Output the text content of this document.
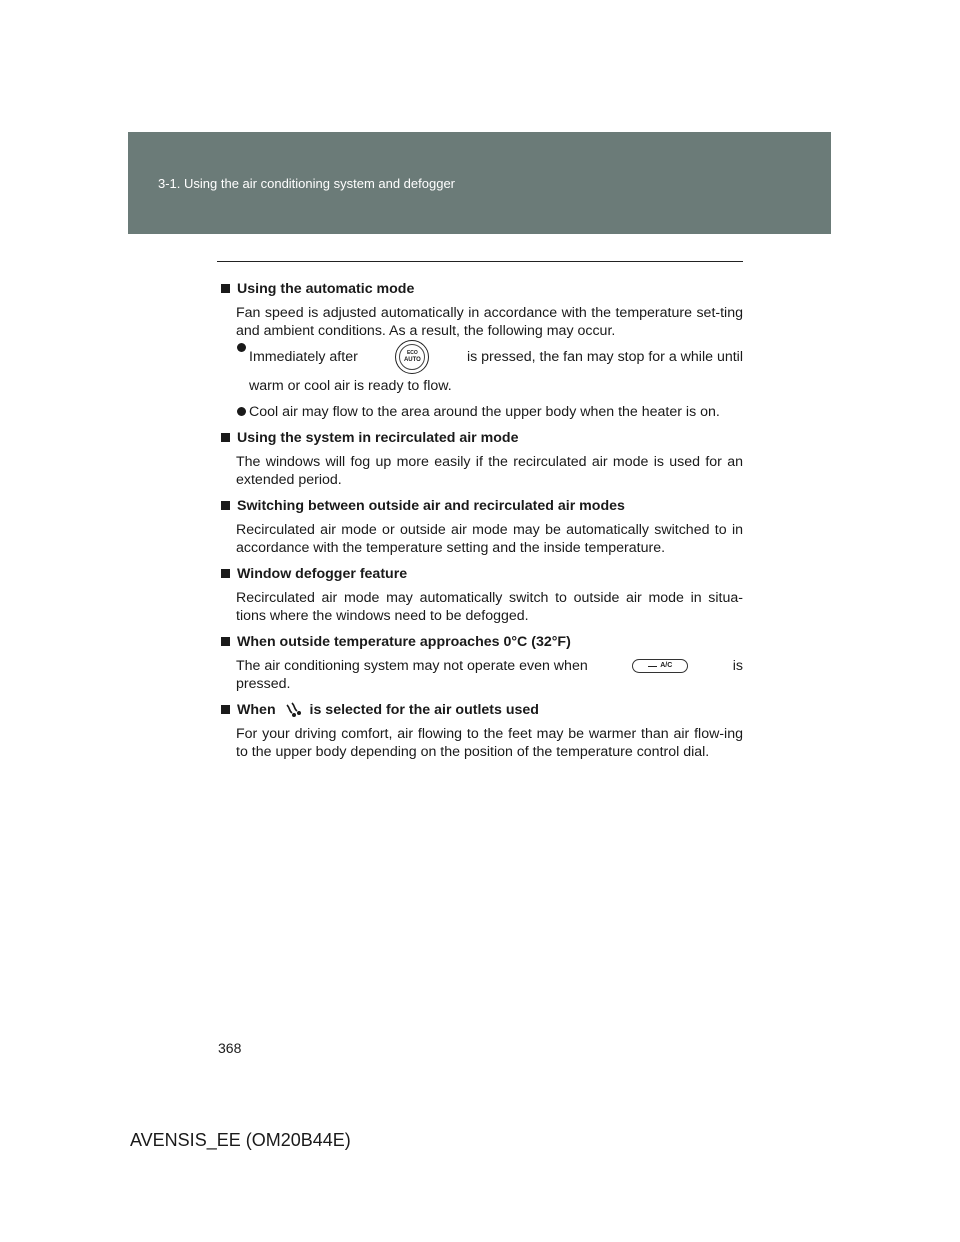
3-1. Using the air conditioning system and defogger
Using the automatic mode
Fan speed is adjusted automatically in accordance with the temperature set-ting and ambient conditions. As a result, the following may occur.
Immediately after	ECO
AUTO	is pressed, the fan may stop for a while until
warm or cool air is ready to flow.
Cool air may flow to the area around the upper body when the heater is on.
Using the system in recirculated air mode
The windows will fog up more easily if the recirculated air mode is used for an extended period.
Switching between outside air and recirculated air modes
Recirculated air mode or outside air mode may be automatically switched to in accordance with the temperature setting and the inside temperature.
Window defogger feature
Recirculated air mode may automatically switch to outside air mode in situa-tions where the windows need to be defogged.
When outside temperature approaches 0°C (32°F)
The air conditioning system may not operate even when	A/C	is
pressed.
When is selected for the air outlets used
For your driving comfort, air flowing to the feet may be warmer than air flow-ing to the upper body depending on the position of the temperature control dial.
368
AVENSIS_EE (OM20B44E)
